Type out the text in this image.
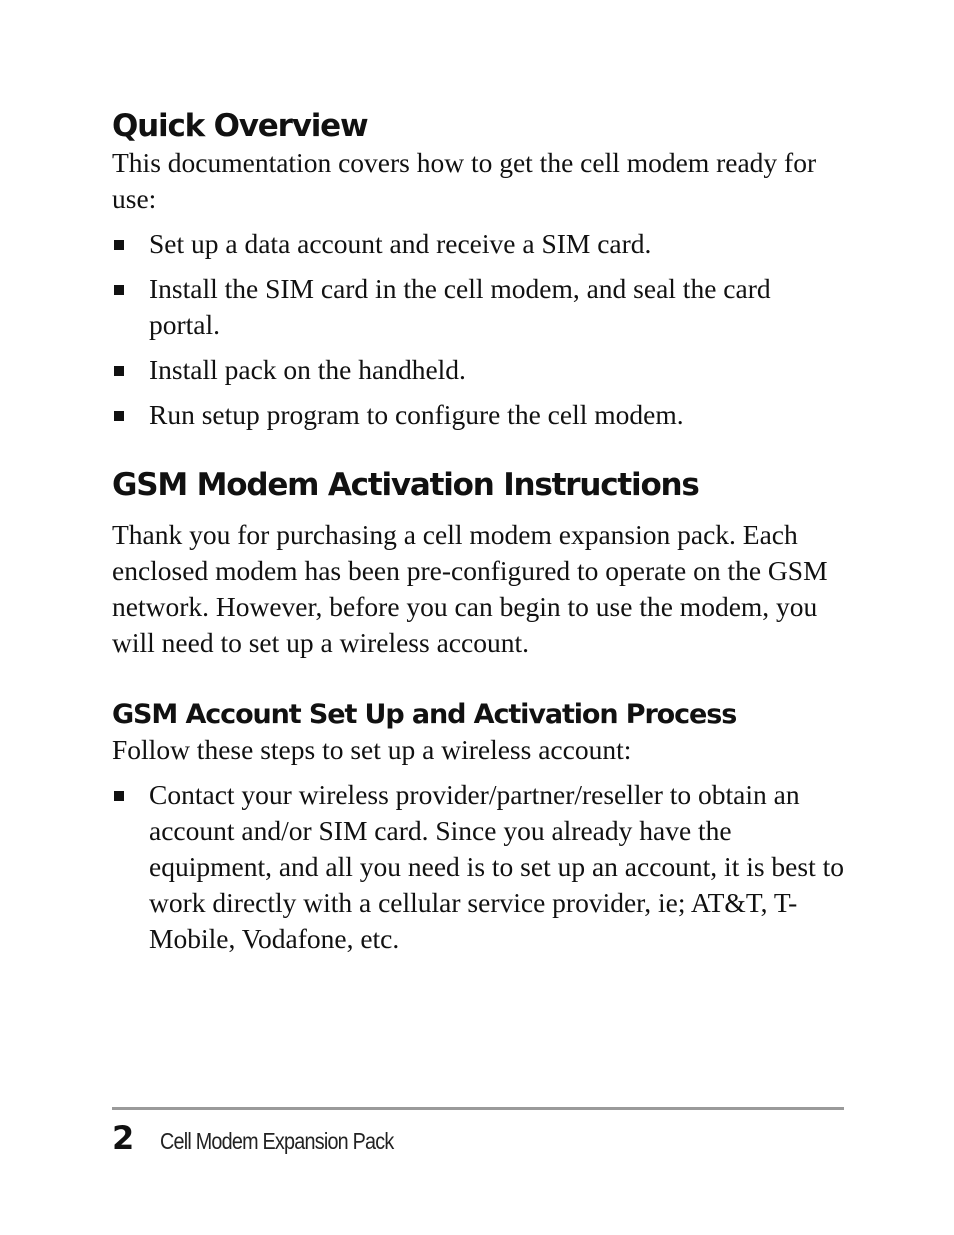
Quick Overview

This documentation covers how to get the cell modem ready for use:

Set up a data account and receive a SIM card.
Install the SIM card in the cell modem, and seal the card portal.
Install pack on the handheld.
Run setup program to configure the cell modem.
GSM Modem Activation Instructions

Thank you for purchasing a cell modem expansion pack. Each enclosed modem has been pre-configured to operate on the GSM network. However, before you can begin to use the modem, you will need to set up a wireless account.

GSM Account Set Up and Activation Process

Follow these steps to set up a wireless account:

Contact your wireless provider/partner/reseller to obtain an account and/or SIM card. Since you already have the equipment, and all you need is to set up an account, it is best to work directly with a cellular service provider, ie; AT&T, T-Mobile, Vodafone, etc.
2 Cell Modem Expansion Pack
